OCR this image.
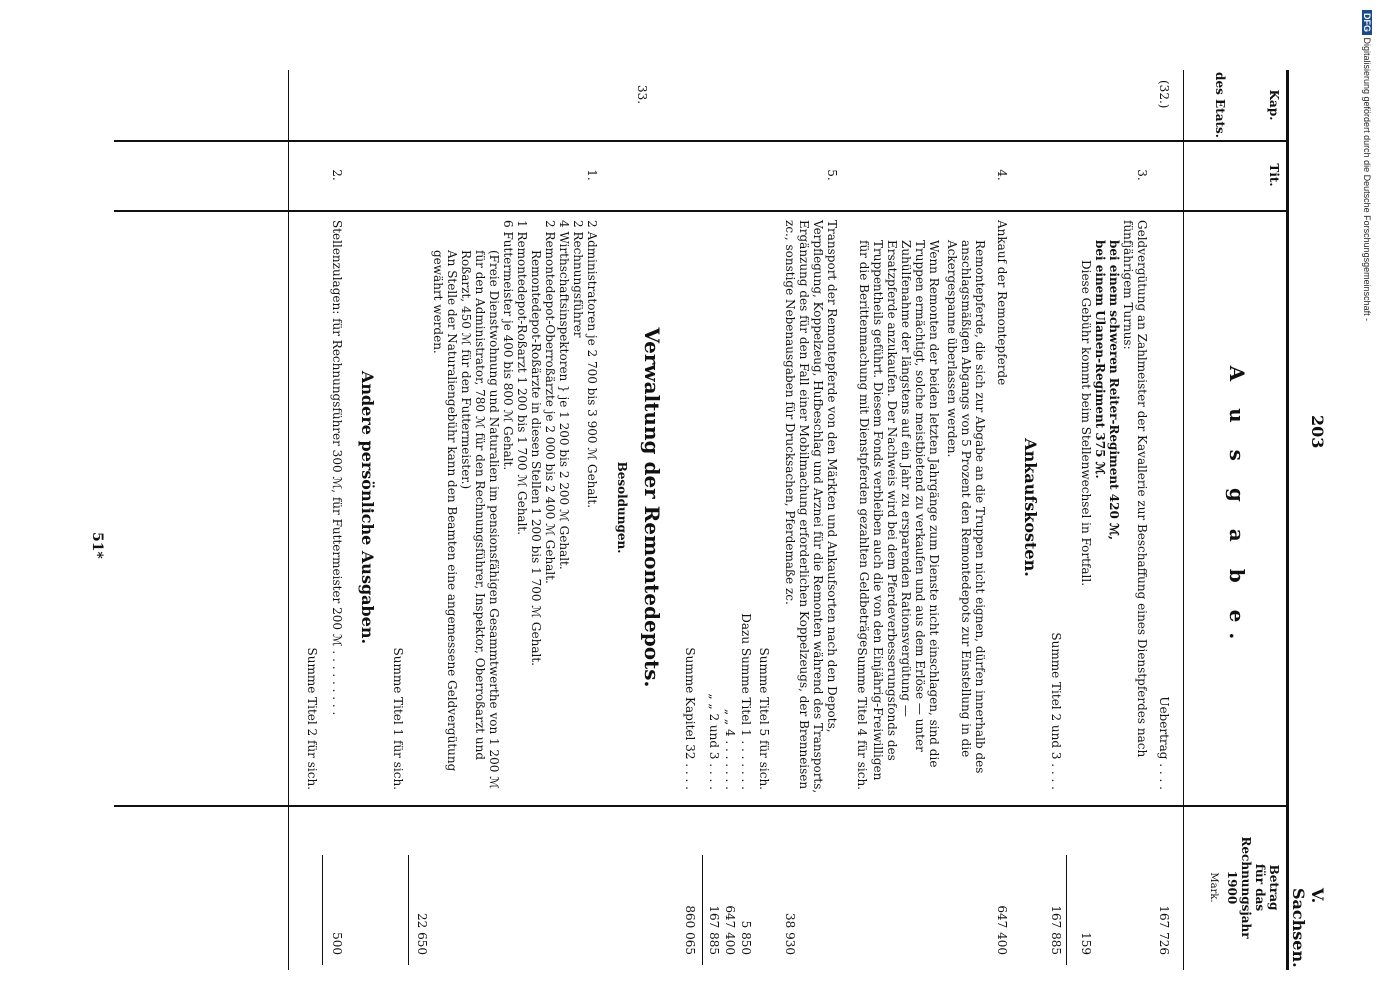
203
V. Sachsen.
Kap.
des Etats.
Tit.
Betrag
für das
Rechnungsjahr
1900
Mark.
A u s g a b e.
(32.)
Uebertrag . . . .
167 726
3.
Geldvergütung an Zahlmeister der Kavallerie zur Beschaffung eines Dienstpferdes nach fünfjährigem Turnus:
bei einem schweren Reiter-Regiment 420 ℳ,
bei einem Ulanen-Regiment 375 ℳ.
Diese Gebühr kommt beim Stellenwechsel in Fortfall.
159
Summe Titel 2 und 3 . . . .
167 885
Ankaufskosten.
4.
Ankauf der Remontepferde
647 400
Remontepferde, die sich zur Abgabe an die Truppen nicht eignen, dürfen innerhalb des anschlagsmäßigen Abgangs von 5 Prozent den Remontedepots zur Einstellung in die Ackergespanne überlassen werden.
Wenn Remonten der beiden letzten Jahrgänge zum Dienste nicht einschlagen, sind die Truppen ermächtigt, solche meistbietend zu verkaufen und aus dem Erlöse — unter Zuhülfenahme der längstens auf ein Jahr zu ersparenden Rationsvergütung — Ersatzpferde anzukaufen. Der Nachweis wird bei dem Pferdeverbesserungsfonds des Truppentheils geführt. Diesem Fonds verbleiben auch die von den Einjährig-Freiwilligen für die Berittenmachung mit Dienstpferden gezahlten Geldbeträge.
Summe Titel 4 für sich.
5.
Transport der Remontepferde von den Märkten und Ankaufsorten nach den Depots, Verpflegung, Koppelzeug, Hufbeschlag und Arznei für die Remonten während des Transports, Ergänzung des für den Fall einer Mobilmachung erforderlichen Koppelzeugs, der Brenneisen zc., sonstige Nebenausgaben für Drucksachen, Pferdemaße zc.
38 930
Summe Titel 5 für sich.
Dazu Summe Titel 1 . . . . . . .
5 850
„ „ 4 . . . . . . .
647 400
„ „ 2 und 3 . . . .
167 885
Summe Kapitel 32 . . . .
860 065
33.
Verwaltung der Remontedepots.
Besoldungen.
1.
2 Administratoren je 2 700 bis 3 900 ℳ Gehalt.
2 Rechnungsführer
4 Wirthschaftsinspektoren } je 1 200 bis 2 200 ℳ Gehalt.
2 Remontedepot-Oberroßärzte je 2 000 bis 2 400 ℳ Gehalt.
Remontedepot-Roßärzte in diesen Stellen 1 200 bis 1 700 ℳ Gehalt.
1 Remontedepot-Roßarzt 1 200 bis 1 700 ℳ Gehalt.
6 Futtermeister je 400 bis 800 ℳ Gehalt.
(Freie Dienstwohnung und Naturalien im pensionsfähigen Gesammtwerthe von 1 200 ℳ für den Administrator, 780 ℳ für den Rechnungsführer, Inspektor, Oberroßarzt und Roßarzt, 450 ℳ für den Futtermeister.)
An Stelle der Naturaliengebühr kann den Beamten eine angemessene Geldvergütung gewährt werden.
22 650
Summe Titel 1 für sich.
Andere persönliche Ausgaben.
2.
Stellenzulagen: für Rechnungsführer 300 ℳ, für Futtermeister 200 ℳ . . . . . . . . .
500
Summe Titel 2 für sich.
51*
DFG Digitalisierung gefördert durch die Deutsche Forschungsgemeinschaft -
